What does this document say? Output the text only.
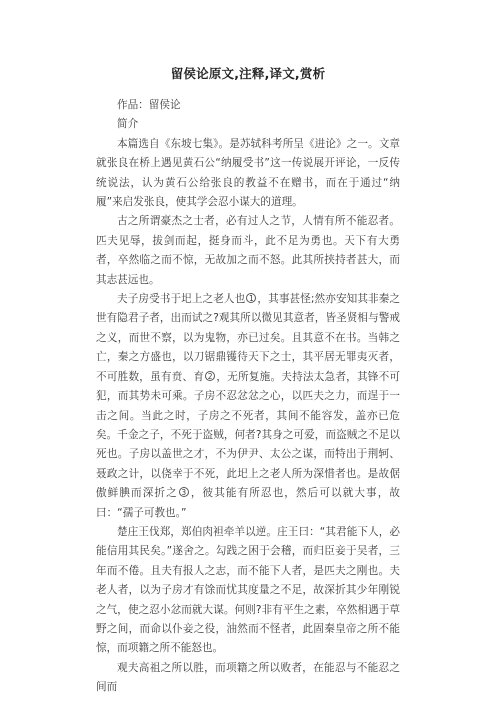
留侯论原文,注释,译文,赏析

作品：留侯论

简介

本篇选自《东坡七集》。是苏轼科考所呈《进论》之一。文章就张良在桥上遇见黄石公“纳履受书”这一传说展开评论，一反传统说法，认为黄石公给张良的教益不在赠书，而在于通过“纳履”来启发张良，使其学会忍小谋大的道理。

古之所谓豪杰之士者，必有过人之节，人情有所不能忍者。匹夫见辱，拔剑而起，挺身而斗，此不足为勇也。天下有大勇者，卒然临之而不惊，无故加之而不怒。此其所挟持者甚大，而其志甚远也。

夫子房受书于圯上之老人也 1 ，其事甚怪;然亦安知其非秦之世有隐君子者，出而试之?观其所以微见其意者，皆圣贤相与警戒之义，而世不察，以为鬼物，亦已过矣。且其意不在书。当韩之亡，秦之方盛也，以刀锯鼎镬待天下之士，其平居无罪夷灭者，不可胜数，虽有贲、育 2 ，无所复施。夫持法太急者，其锋不可犯，而其势未可乘。子房不忍忿忿之心，以匹夫之力，而逞于一击之间。当此之时，子房之不死者，其间不能容发，盖亦已危矣。千金之子，不死于盗贼，何者?其身之可爱，而盗贼之不足以死也。子房以盖世之才，不为伊尹、太公之谋，而特出于荆轲、聂政之计，以侥幸于不死，此圯上之老人所为深惜者也。是故倨傲鲜腆而深折之 3 ，彼其能有所忍也，然后可以就大事，故曰：“孺子可教也。”

楚庄王伐郑，郑伯肉袒牵羊以逆。庄王曰：“其君能下人，必能信用其民矣。”遂舍之。勾践之困于会稽，而归臣妾于吴者，三年而不倦。且夫有报人之志，而不能下人者，是匹夫之刚也。夫老人者，以为子房才有馀而忧其度量之不足，故深折其少年刚锐之气，使之忍小忿而就大谋。何则?非有平生之素，卒然相遇于草野之间，而命以仆妾之役，油然而不怪者，此固秦皇帝之所不能惊，而项籍之所不能怒也。

观夫高祖之所以胜，而项籍之所以败者，在能忍与不能忍之间而
